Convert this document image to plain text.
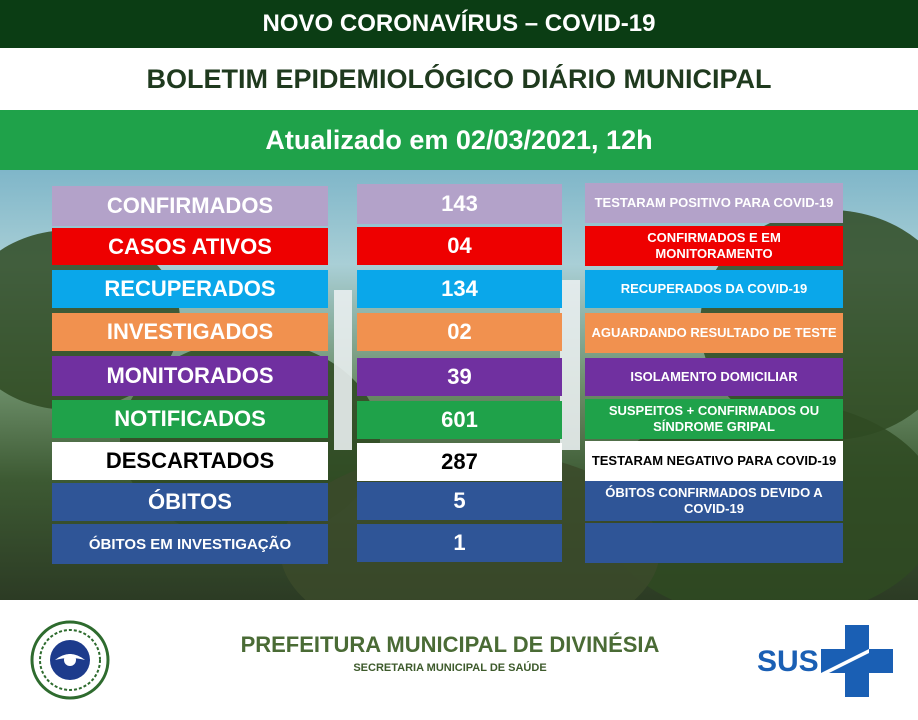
NOVO CORONAVÍRUS – COVID-19
BOLETIM EPIDEMIOLÓGICO DIÁRIO MUNICIPAL
Atualizado em 02/03/2021, 12h
CONFIRMADOS	143	TESTARAM POSITIVO PARA COVID-19
CASOS ATIVOS	04	CONFIRMADOS E EM MONITORAMENTO
RECUPERADOS	134	RECUPERADOS DA COVID-19
INVESTIGADOS	02	AGUARDANDO RESULTADO DE TESTE
MONITORADOS	39	ISOLAMENTO DOMICILIAR
NOTIFICADOS	601	SUSPEITOS + CONFIRMADOS OU SÍNDROME GRIPAL
DESCARTADOS	287	TESTARAM NEGATIVO PARA COVID-19
ÓBITOS	5	ÓBITOS CONFIRMADOS DEVIDO A COVID-19
ÓBITOS EM INVESTIGAÇÃO	1
PREFEITURA MUNICIPAL DE DIVINÉSIA
SECRETARIA MUNICIPAL DE SAÚDE	SUS
